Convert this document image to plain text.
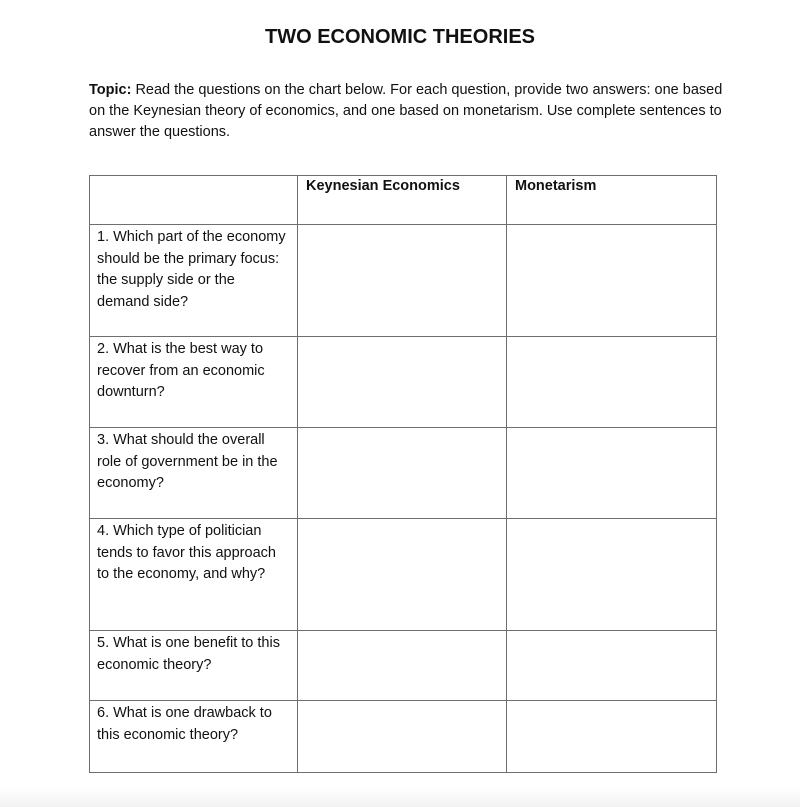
TWO ECONOMIC THEORIES
Topic: Read the questions on the chart below. For each question, provide two answers: one based on the Keynesian theory of economics, and one based on monetarism. Use complete sentences to answer the questions.
	Keynesian Economics	Monetarism
1. Which part of the economy should be the primary focus: the supply side or the demand side?		
2. What is the best way to recover from an economic downturn?		
3. What should the overall role of government be in the economy?		
4. Which type of politician tends to favor this approach to the economy, and why?		
5. What is one benefit to this economic theory?		
6. What is one drawback to this economic theory?		
